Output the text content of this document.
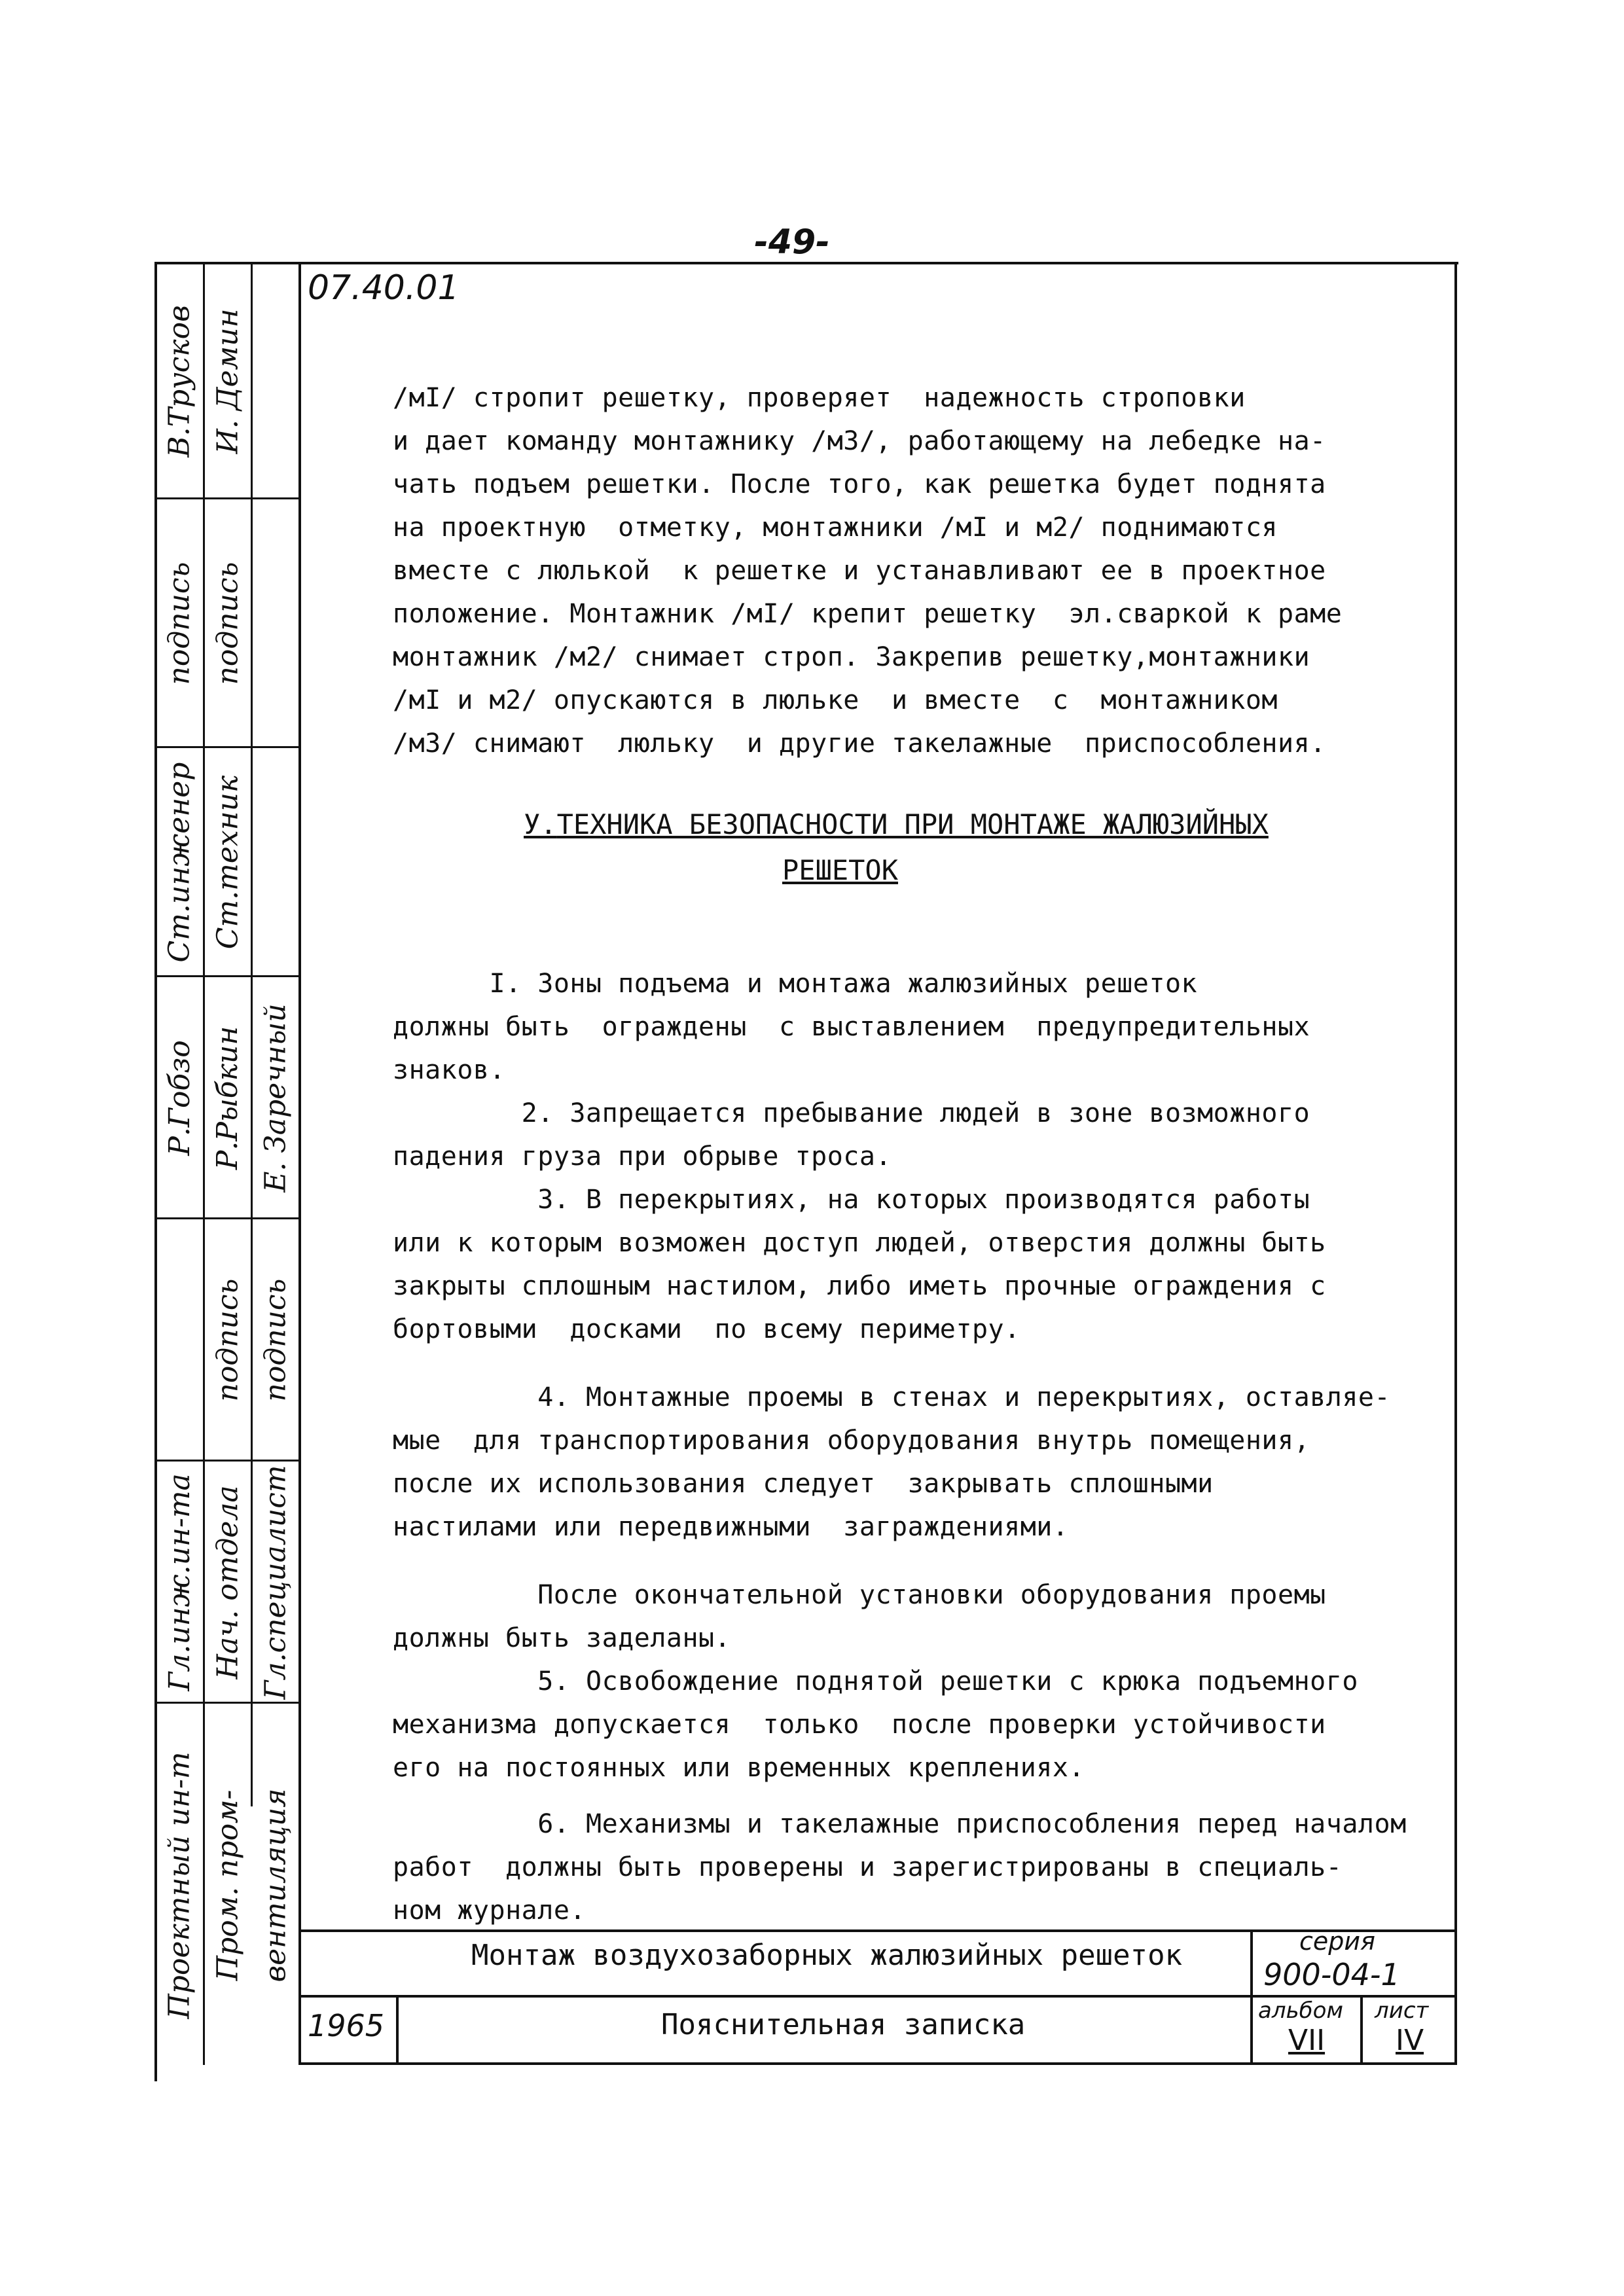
-49-
07.40.01
В.Трусков И. Демин
подпись подпись
Ст.инженер Ст.техник
Р.Гобзо Р.Рыбкин Е. Заречный
подпись подпись
Гл.инж.ин-та Нач. отдела Гл.специалист
Проектный ин-т Пром. пром- вентиляция
/мI/ стропит решетку, проверяет  надежность строповки
и дает команду монтажнику /м3/, работающему на лебедке на-
чать подъем решетки. После того, как решетка будет поднята
на проектную  отметку, монтажники /мI и м2/ поднимаются
вместе с люлькой  к решетке и устанавливают ее в проектное
положение. Монтажник /мI/ крепит решетку  эл.сваркой к раме
монтажник /м2/ снимает строп. Закрепив решетку,монтажники
/мI и м2/ опускаются в люльке  и вместе  с  монтажником
/м3/ снимают  люльку  и другие такелажные  приспособления.
У.ТЕХНИКА БЕЗОПАСНОСТИ ПРИ МОНТАЖЕ ЖАЛЮЗИЙНЫХ
РЕШЕТОК
I. Зоны подъема и монтажа жалюзийных решеток
должны быть  ограждены  с выставлением  предупредительных
знаков.
2. Запрещается пребывание людей в зоне возможного
падения груза при обрыве троса.
3. В перекрытиях, на которых производятся работы
или к которым возможен доступ людей, отверстия должны быть
закрыты сплошным настилом, либо иметь прочные ограждения с
бортовыми  досками  по всему периметру.
4. Монтажные проемы в стенах и перекрытиях, оставляе-
мые  для транспортирования оборудования внутрь помещения,
после их использования следует  закрывать сплошными
настилами или передвижными  заграждениями.
После окончательной установки оборудования проемы
должны быть заделаны.
5. Освобождение поднятой решетки с крюка подъемного
механизма допускается  только  после проверки устойчивости
его на постоянных или временных креплениях.
6. Механизмы и такелажные приспособления перед началом
работ  должны быть проверены и зарегистрированы в специаль-
ном журнале.
Монтаж воздухозаборных жалюзийных решеток
Пояснительная записка
1965
серия
900-04-1
альбом
VII
лист
IV
